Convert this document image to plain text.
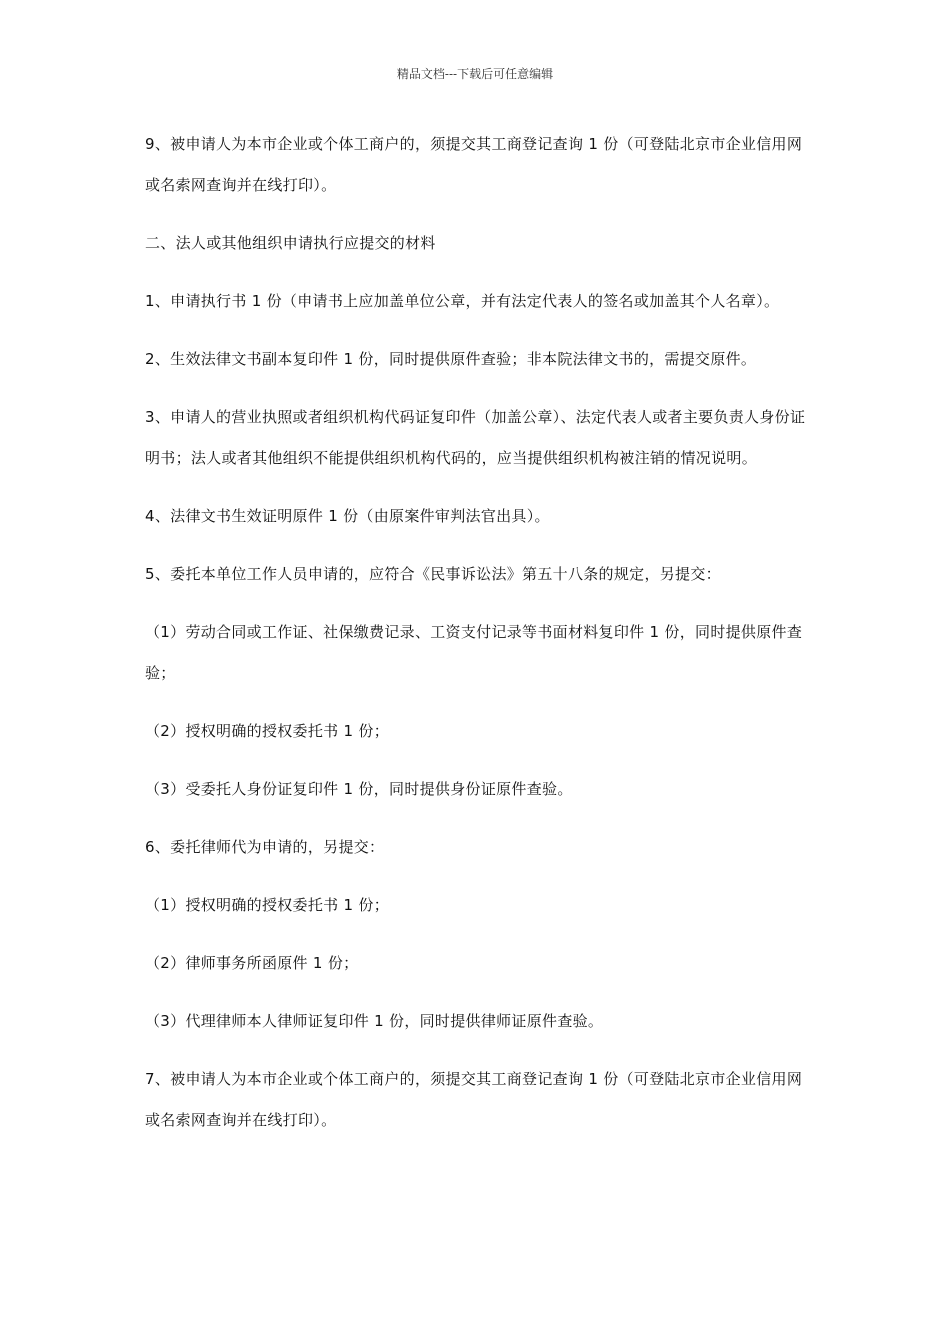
精品文档---下载后可任意编辑

9、被申请人为本市企业或个体工商户的，须提交其工商登记查询 1 份（可登陆北京市企业信用网或名索网查询并在线打印）。

二、法人或其他组织申请执行应提交的材料

1、申请执行书 1 份（申请书上应加盖单位公章，并有法定代表人的签名或加盖其个人名章）。

2、生效法律文书副本复印件 1 份，同时提供原件查验；非本院法律文书的，需提交原件。

3、申请人的营业执照或者组织机构代码证复印件（加盖公章）、法定代表人或者主要负责人身份证明书；法人或者其他组织不能提供组织机构代码的，应当提供组织机构被注销的情况说明。

4、法律文书生效证明原件 1 份（由原案件审判法官出具）。

5、委托本单位工作人员申请的，应符合《民事诉讼法》第五十八条的规定，另提交：

（1）劳动合同或工作证、社保缴费记录、工资支付记录等书面材料复印件 1 份，同时提供原件查验；

（2）授权明确的授权委托书 1 份；

（3）受委托人身份证复印件 1 份，同时提供身份证原件查验。

6、委托律师代为申请的，另提交：

（1）授权明确的授权委托书 1 份；

（2）律师事务所函原件 1 份；

（3）代理律师本人律师证复印件 1 份，同时提供律师证原件查验。

7、被申请人为本市企业或个体工商户的，须提交其工商登记查询 1 份（可登陆北京市企业信用网或名索网查询并在线打印）。
